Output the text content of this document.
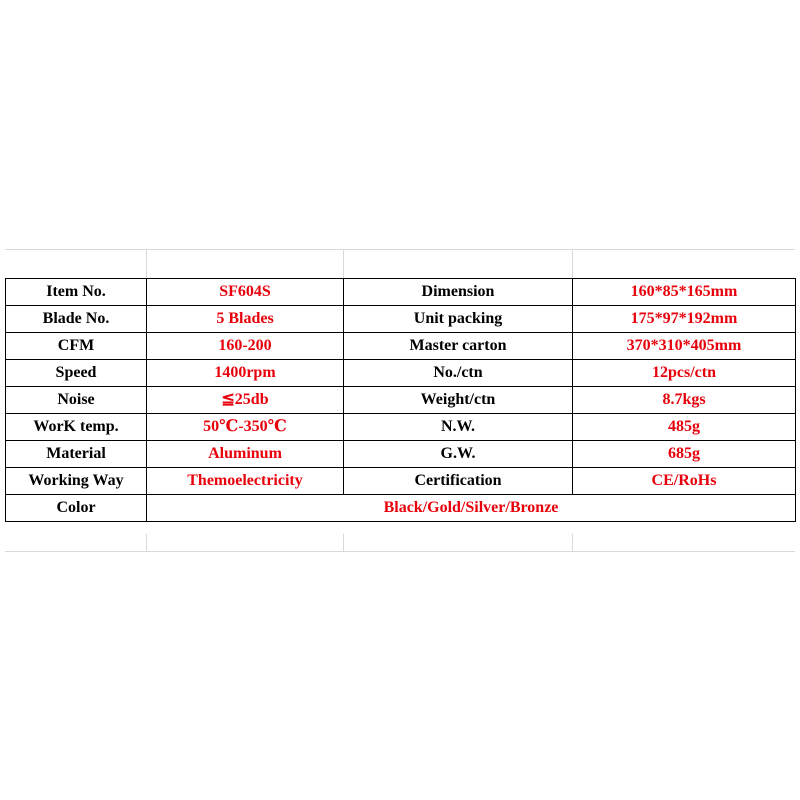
Item No.	SF604S	Dimension	160*85*165mm
Blade No.	5 Blades	Unit packing	175*97*192mm
CFM	160-200	Master carton	370*310*405mm
Speed	1400rpm	No./ctn	12pcs/ctn
Noise	≦25db	Weight/ctn	8.7kgs
WorK temp.	50℃-350℃	N.W.	485g
Material	Aluminum	G.W.	685g
Working Way	Themoelectricity	Certification	CE/RoHs
Color	Black/Gold/Silver/Bronze		
